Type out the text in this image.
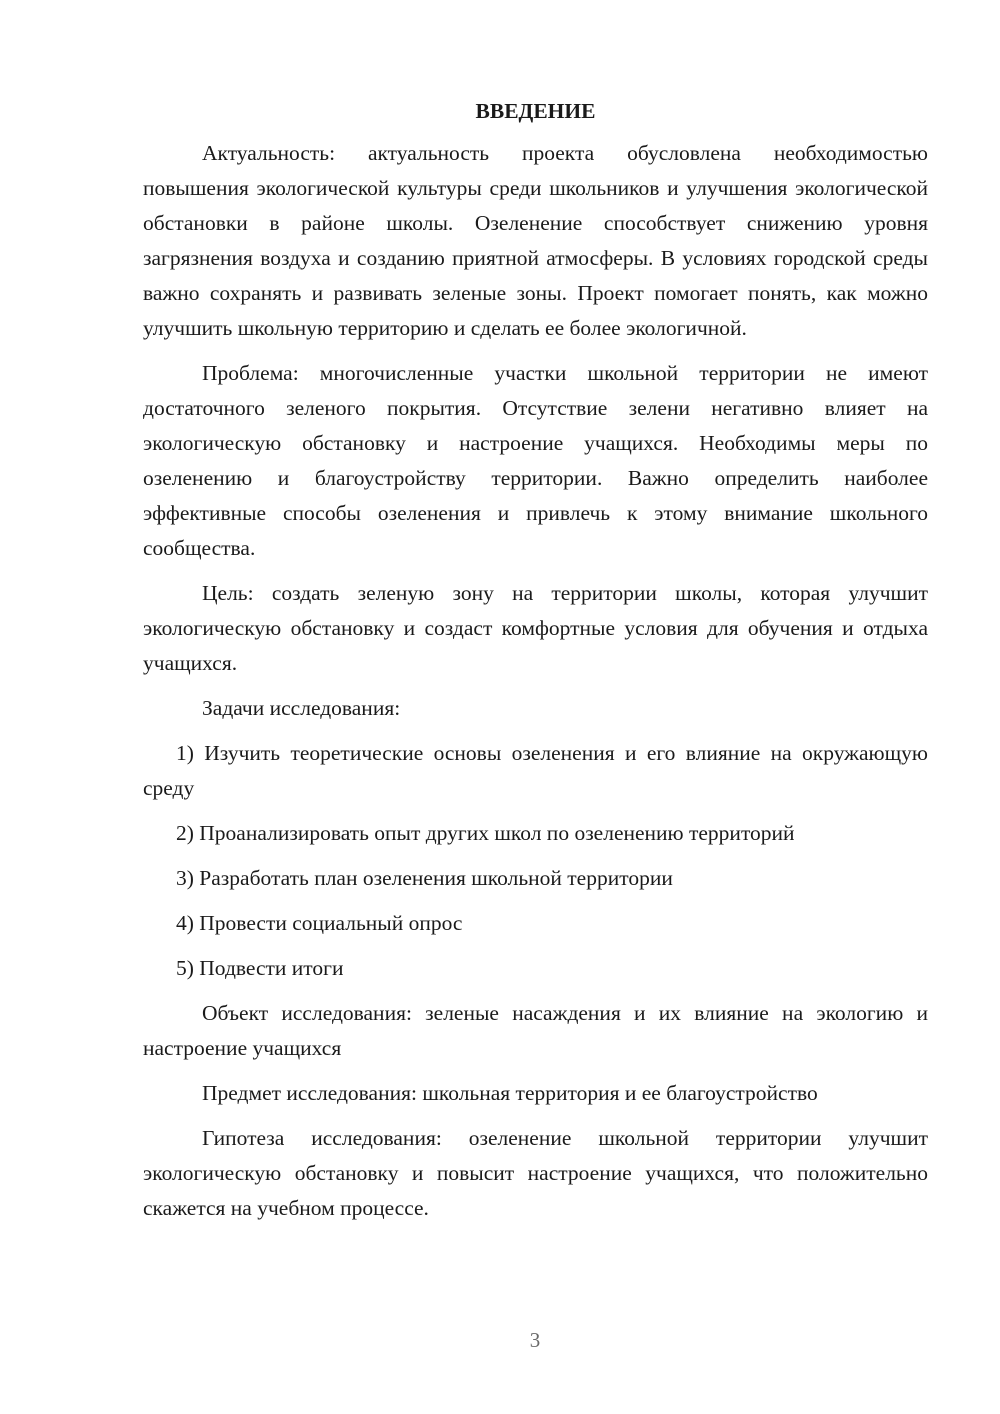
ВВЕДЕНИЕ

Актуальность: актуальность проекта обусловлена необходимостью повышения экологической культуры среди школьников и улучшения экологической обстановки в районе школы. Озеленение способствует снижению уровня загрязнения воздуха и созданию приятной атмосферы. В условиях городской среды важно сохранять и развивать зеленые зоны. Проект помогает понять, как можно улучшить школьную территорию и сделать ее более экологичной.

Проблема: многочисленные участки школьной территории не имеют достаточного зеленого покрытия. Отсутствие зелени негативно влияет на экологическую обстановку и настроение учащихся. Необходимы меры по озеленению и благоустройству территории. Важно определить наиболее эффективные способы озеленения и привлечь к этому внимание школьного сообщества.

Цель: создать зеленую зону на территории школы, которая улучшит экологическую обстановку и создаст комфортные условия для обучения и отдыха учащихся.

Задачи исследования:

1) Изучить теоретические основы озеленения и его влияние на окружающую среду

2) Проанализировать опыт других школ по озеленению территорий

3) Разработать план озеленения школьной территории

4) Провести социальный опрос

5) Подвести итоги

Объект исследования: зеленые насаждения и их влияние на экологию и настроение учащихся

Предмет исследования: школьная территория и ее благоустройство

Гипотеза исследования: озеленение школьной территории улучшит экологическую обстановку и повысит настроение учащихся, что положительно скажется на учебном процессе.

3
